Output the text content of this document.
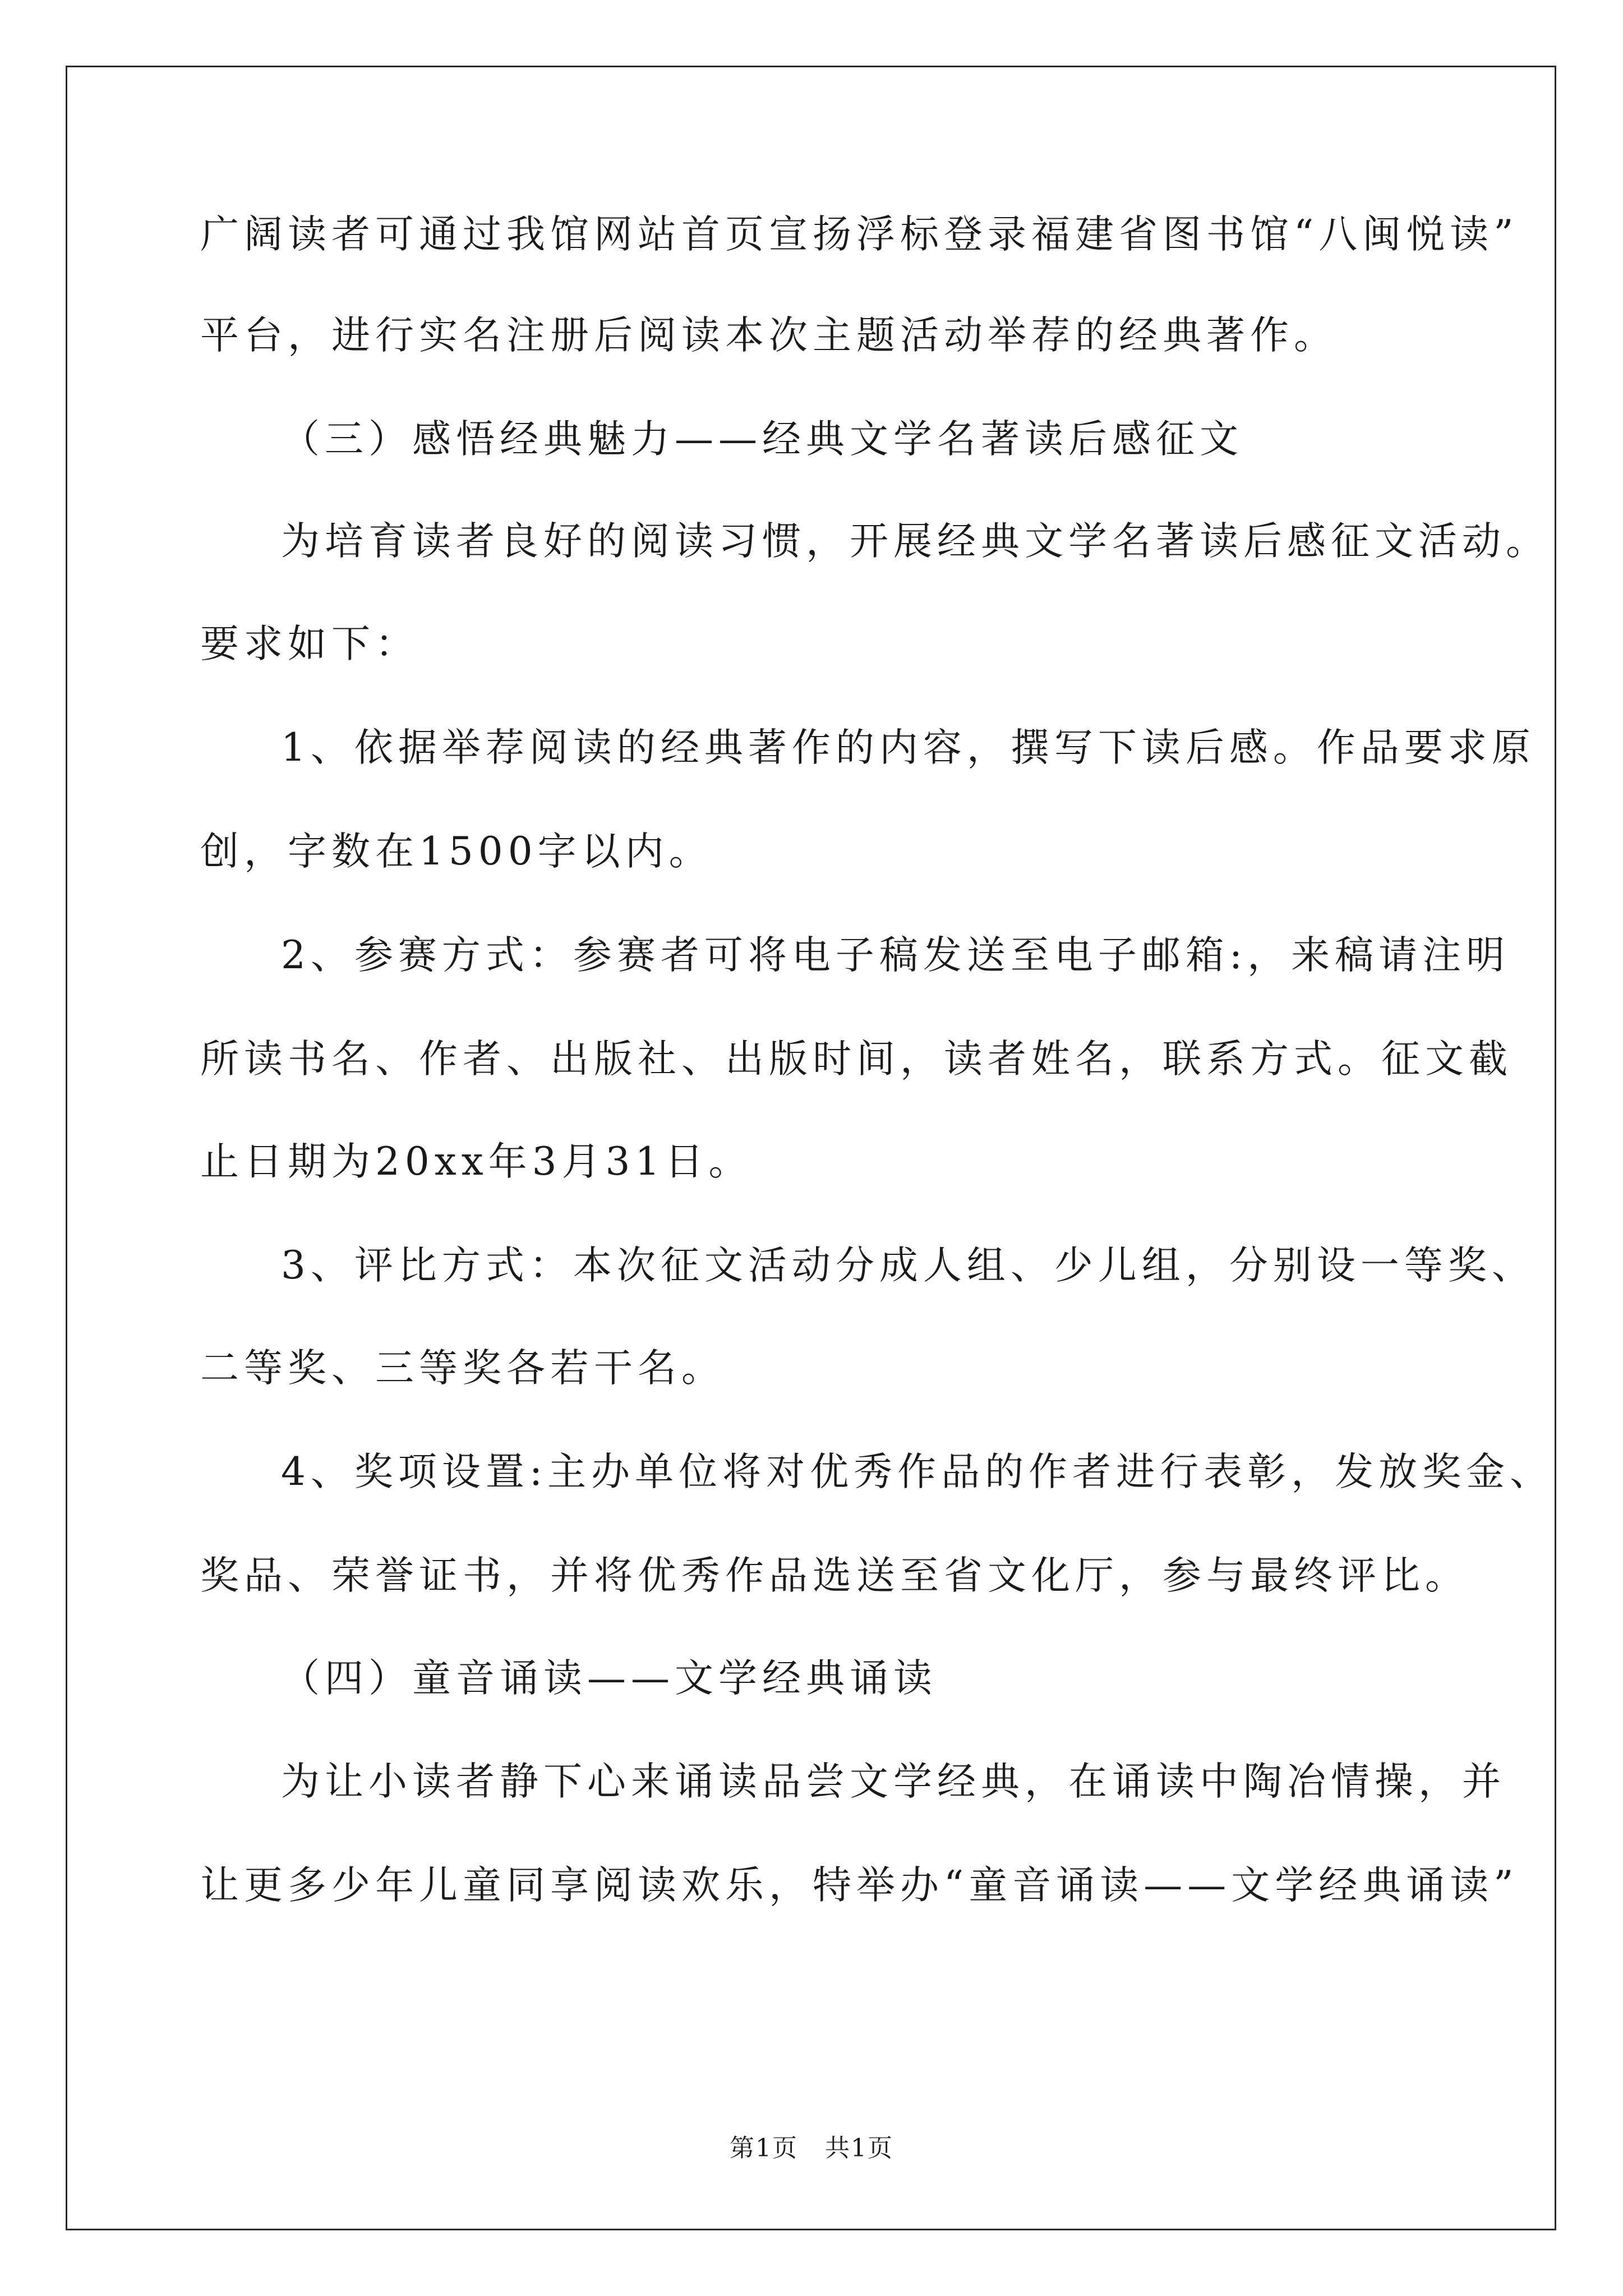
广阔读者可通过我馆网站首页宣扬浮标登录福建省图书馆“八闽悦读”
平台，进行实名注册后阅读本次主题活动举荐的经典著作。
（三）感悟经典魅力——经典文学名著读后感征文
为培育读者良好的阅读习惯，开展经典文学名著读后感征文活动。
要求如下：
1、依据举荐阅读的经典著作的内容，撰写下读后感。作品要求原
创，字数在1500字以内。
2、参赛方式：参赛者可将电子稿发送至电子邮箱:，来稿请注明
所读书名、作者、出版社、出版时间，读者姓名，联系方式。征文截
止日期为20xx年3月31日。
3、评比方式：本次征文活动分成人组、少儿组，分别设一等奖、
二等奖、三等奖各若干名。
4、奖项设置:主办单位将对优秀作品的作者进行表彰，发放奖金、
奖品、荣誉证书，并将优秀作品选送至省文化厅，参与最终评比。
（四）童音诵读——文学经典诵读
为让小读者静下心来诵读品尝文学经典，在诵读中陶冶情操，并
让更多少年儿童同享阅读欢乐，特举办“童音诵读——文学经典诵读”
第1页 共1页
